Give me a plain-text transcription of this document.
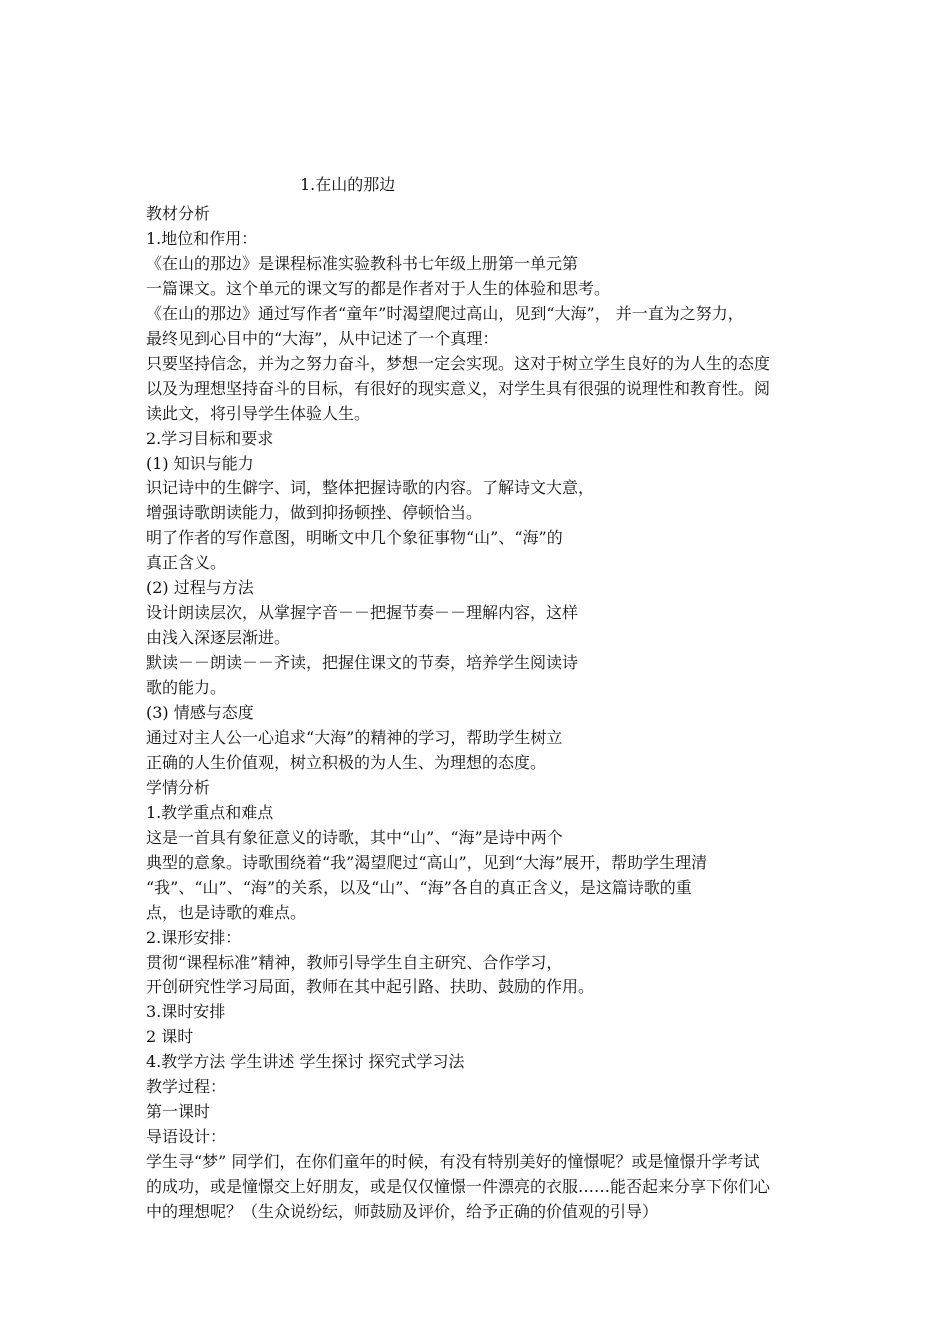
1.在山的那边

教材分析

1.地位和作用：

《在山的那边》是课程标准实验教科书七年级上册第一单元第

一篇课文。这个单元的课文写的都是作者对于人生的体验和思考。

《在山的那边》通过写作者“童年”时渴望爬过高山，见到“大海”， 并一直为之努力，

最终见到心目中的“大海”，从中记述了一个真理：

只要坚持信念，并为之努力奋斗，梦想一定会实现。这对于树立学生良好的为人生的态度

以及为理想坚持奋斗的目标，有很好的现实意义，对学生具有很强的说理性和教育性。阅

读此文，将引导学生体验人生。

2.学习目标和要求

(1) 知识与能力

识记诗中的生僻字、词，整体把握诗歌的内容。了解诗文大意，

增强诗歌朗读能力，做到抑扬顿挫、停顿恰当。

明了作者的写作意图，明晰文中几个象征事物“山”、“海”的

真正含义。

(2) 过程与方法

设计朗读层次，从掌握字音－－把握节奏－－理解内容，这样

由浅入深逐层渐进。

默读－－朗读－－齐读，把握住课文的节奏，培养学生阅读诗

歌的能力。

(3) 情感与态度

通过对主人公一心追求“大海”的精神的学习，帮助学生树立

正确的人生价值观，树立积极的为人生、为理想的态度。

学情分析

1.教学重点和难点

这是一首具有象征意义的诗歌，其中“山”、“海”是诗中两个

典型的意象。诗歌围绕着“我”渴望爬过“高山”，见到“大海”展开，帮助学生理清

“我”、“山”、“海”的关系，以及“山”、“海”各自的真正含义，是这篇诗歌的重

点，也是诗歌的难点。

2.课形安排：

贯彻“课程标准”精神，教师引导学生自主研究、合作学习，

开创研究性学习局面，教师在其中起引路、扶助、鼓励的作用。

3.课时安排

2 课时

4.教学方法 学生讲述 学生探讨 探究式学习法

教学过程：

第一课时

导语设计：

学生寻“梦” 同学们，在你们童年的时候，有没有特别美好的憧憬呢？或是憧憬升学考试

的成功，或是憧憬交上好朋友，或是仅仅憧憬一件漂亮的衣服……能否起来分享下你们心

中的理想呢？（生众说纷纭，师鼓励及评价，给予正确的价值观的引导）
